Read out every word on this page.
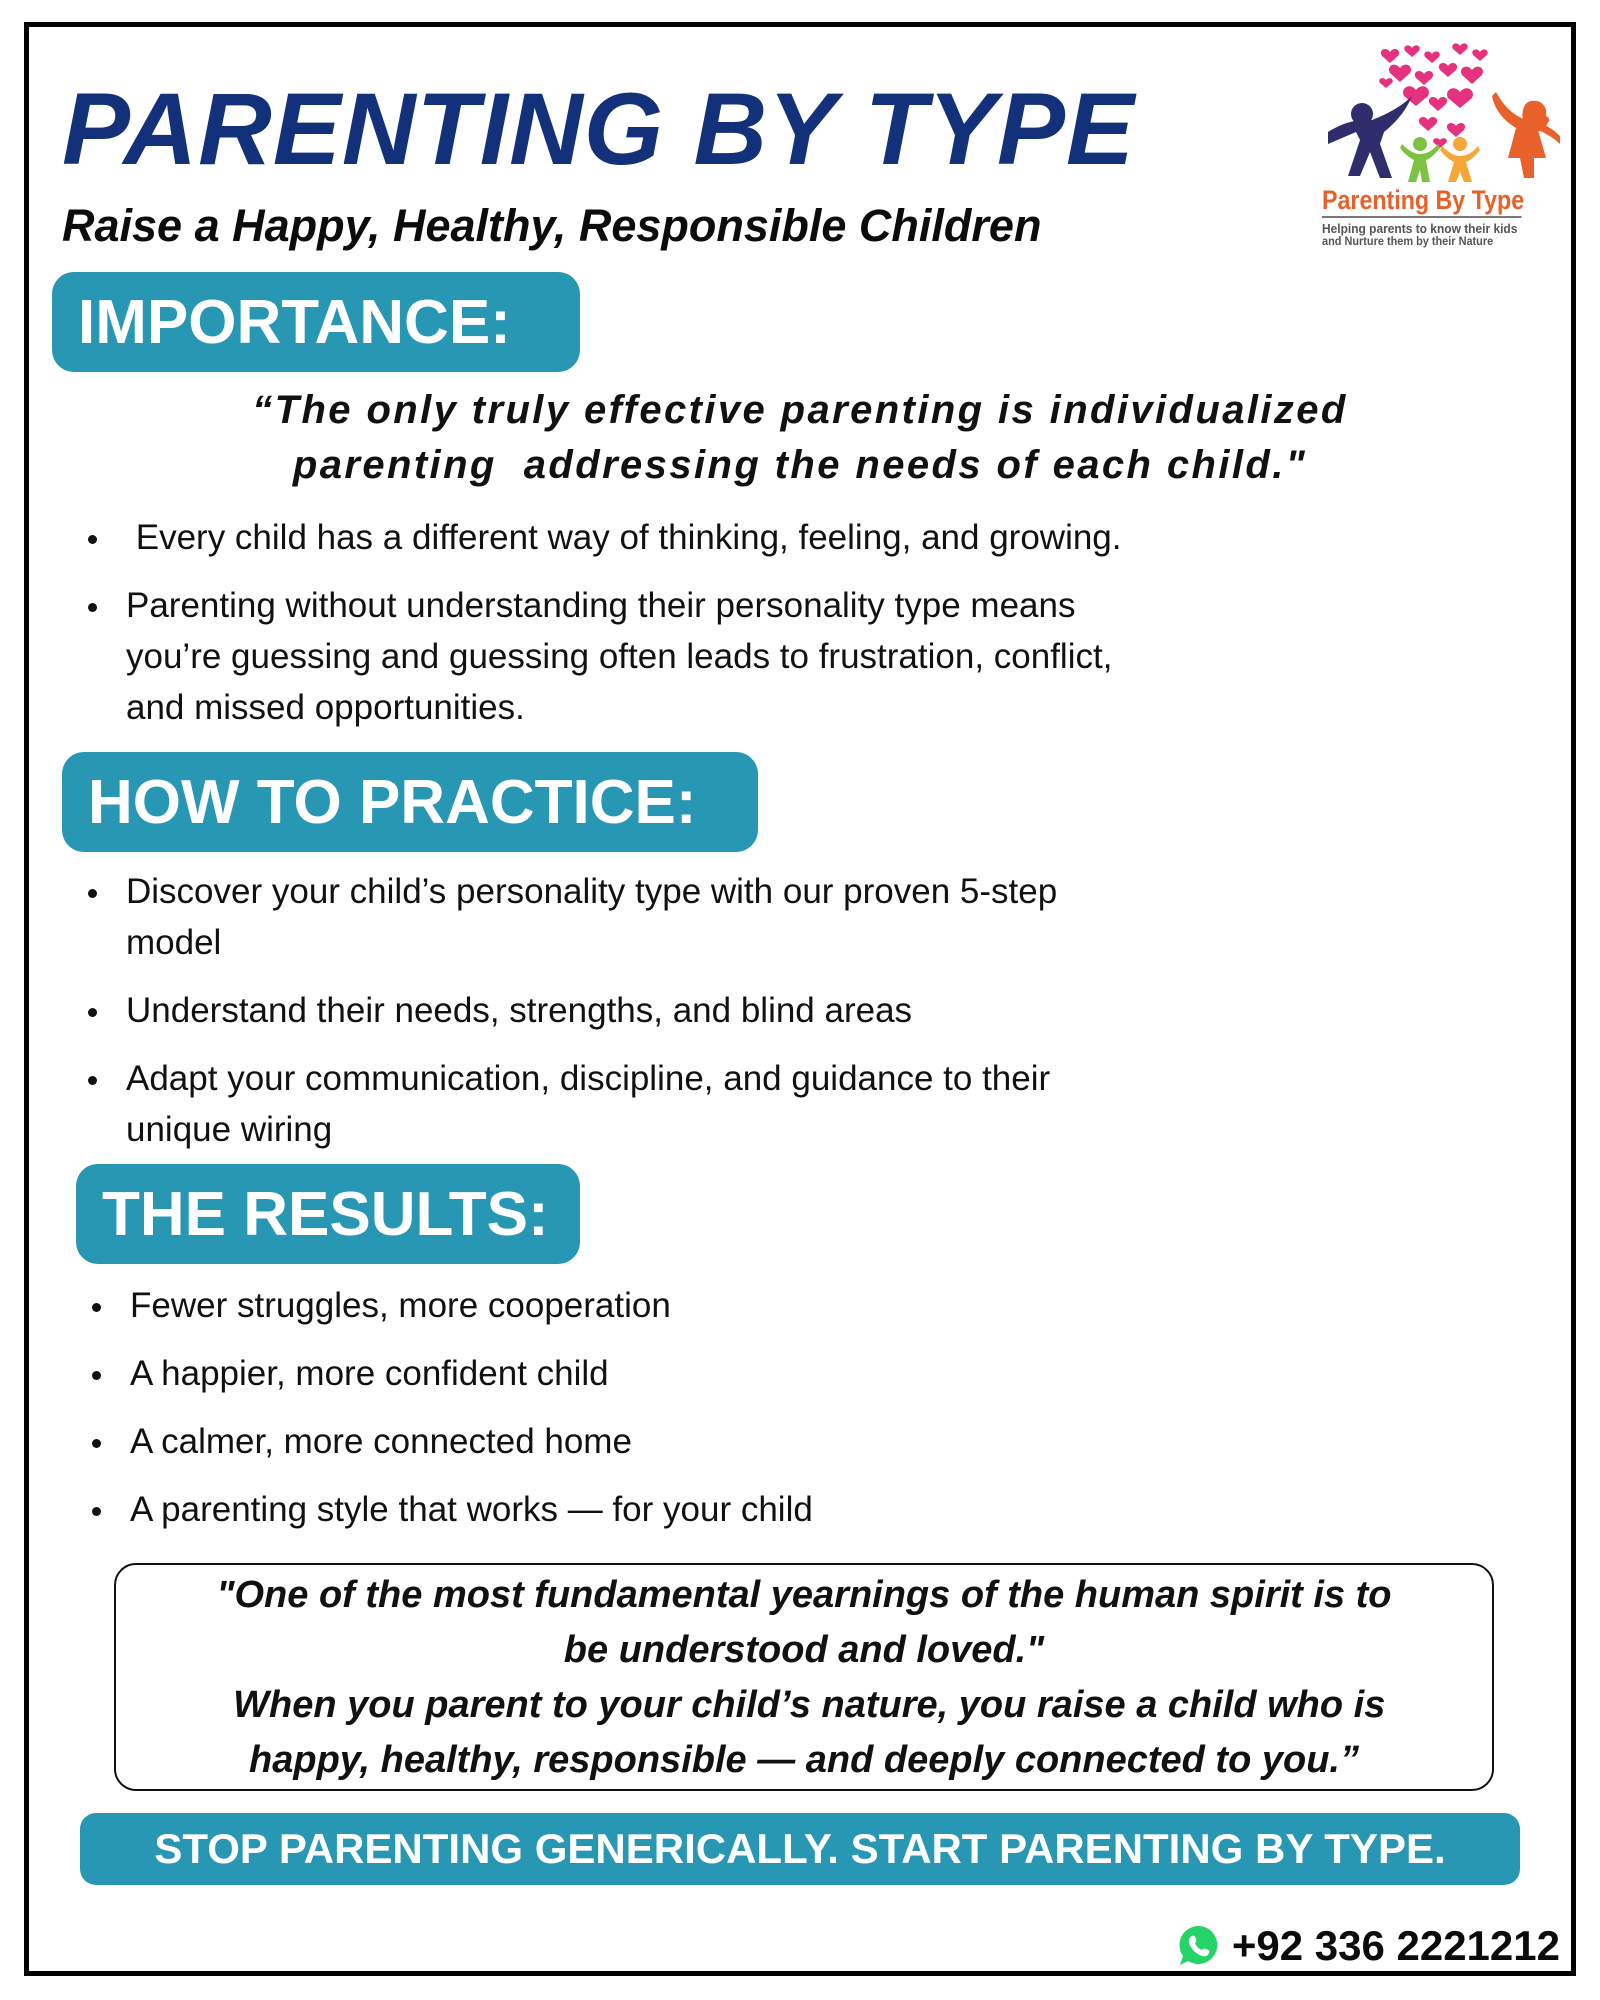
PARENTING BY TYPE
Raise a Happy, Healthy, Responsible Children	Parenting By Type
Helping parents to know their kids
and Nurture them by their Nature
IMPORTANCE:
“The only truly effective parenting is individualized
parenting  addressing the needs of each child."
Every child has a different way of thinking, feeling, and growing.
Parenting without understanding their personality type means you’re guessing and guessing often leads to frustration, conflict, and missed opportunities.
HOW TO PRACTICE:
Discover your child’s personality type with our proven 5-step model
Understand their needs, strengths, and blind areas
Adapt your communication, discipline, and guidance to their unique wiring
THE RESULTS:
Fewer struggles, more cooperation
A happier, more confident child
A calmer, more connected home
A parenting style that works — for your child
"One of the most fundamental yearnings of the human spirit is to
be understood and loved."
When you parent to your child’s nature, you raise a child who is
happy, healthy, responsible — and deeply connected to you.”
STOP PARENTING GENERICALLY. START PARENTING BY TYPE.
+92 336 2221212
